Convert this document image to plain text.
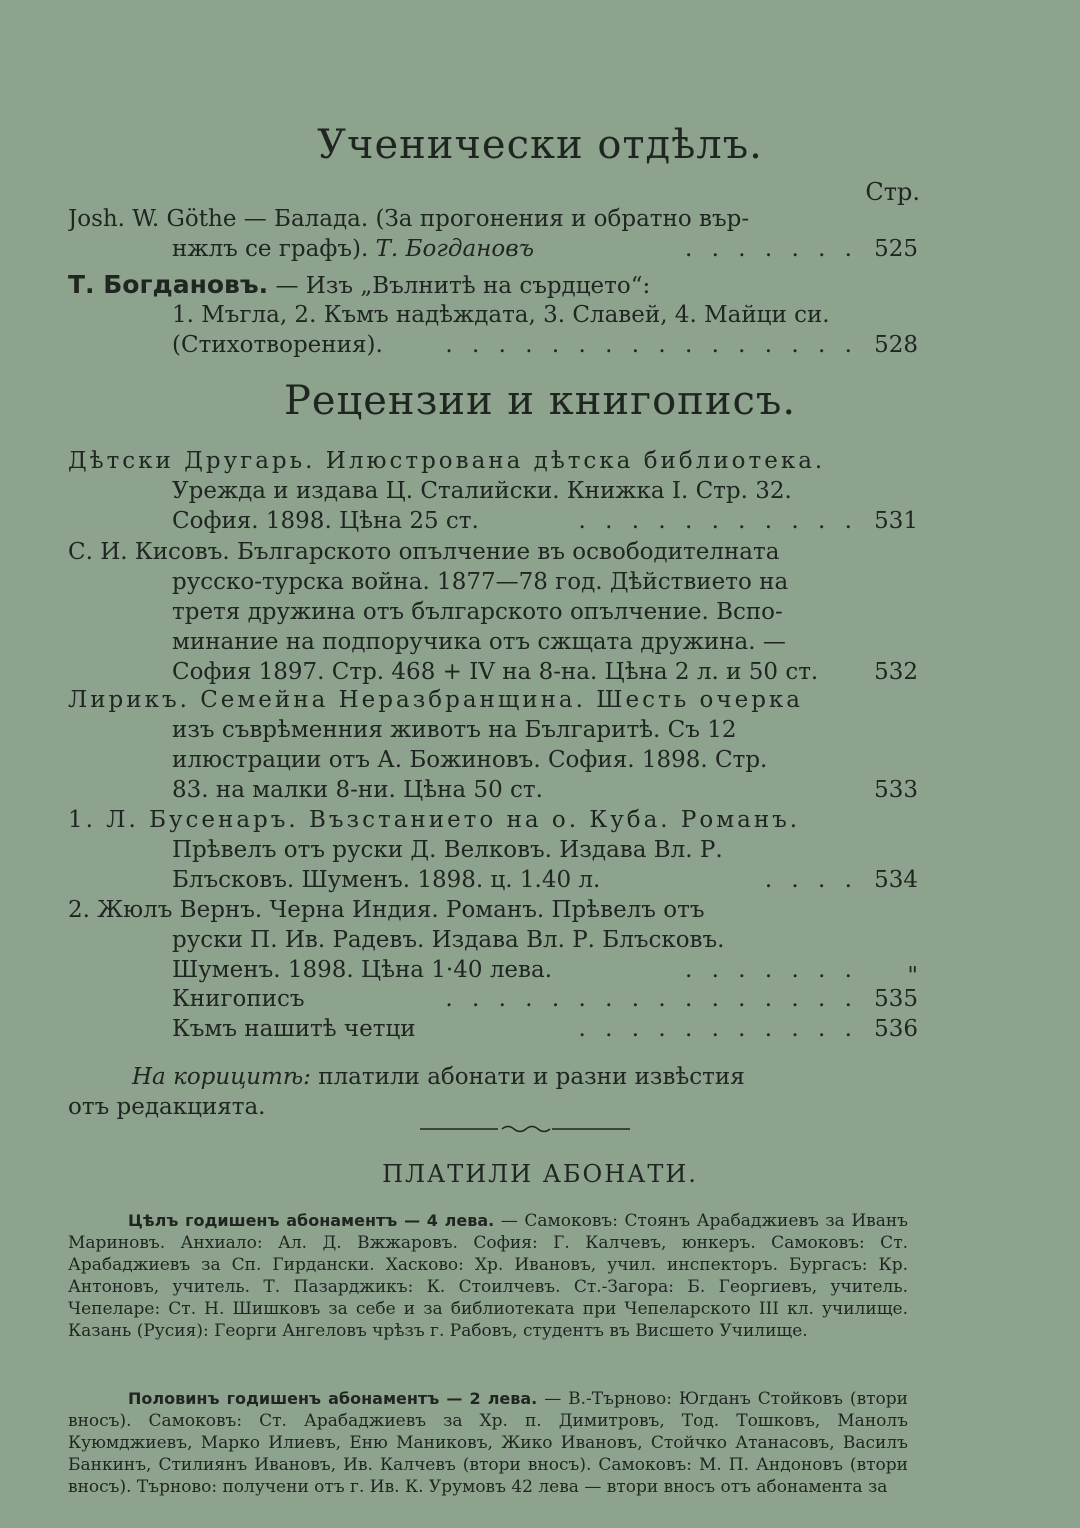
Ученически отдѣлъ.
Стр.
Josh. W. Göthe — Балада. (За прогонения и обратно вър-
нжлъ се графъ). Т. Богдановъ	. . . . . . . 525
Т. Богдановъ. — Изъ „Вълнитѣ на сърдцето“:
1. Мъгла, 2. Къмъ надѣждата, 3. Славей, 4. Майци си.
(Стихотворения).	. . . . . . . . . . . . . . . . 528
Рецензии и книгописъ.
Дѣтски Другарь. Илюстрована дѣтска библиотека.
Урежда и издава Ц. Сталийски. Книжка I. Стр. 32.
София. 1898. Цѣна 25 ст.	. . . . . . . . . . . 531
С. И. Кисовъ. Българското опълчение въ освободителната
русско-турска война. 1877—78 год. Дѣйствието на
третя дружина отъ българското опълчение. Вспо-
минание на подпоручика отъ сжщата дружина. —
София 1897. Стр. 468 + IV на 8-на. Цѣна 2 л. и 50 ст. 532
Лирикъ. Семейна Неразбранщина. Шесть очерка
изъ съврѣменния животъ на Българитѣ. Съ 12
илюстрации отъ А. Божиновъ. София. 1898. Стр.
83. на малки 8-ни. Цѣна 50 ст.	533
1. Л. Бусенаръ. Възстанието на о. Куба. Романъ.
Прѣвелъ отъ руски Д. Велковъ. Издава Вл. Р.
Блъсковъ. Шуменъ. 1898. ц. 1.40 л.	. . . . 534
2. Жюлъ Вернъ. Черна Индия. Романъ. Прѣвелъ отъ
руски П. Ив. Радевъ. Издава Вл. Р. Блъсковъ.
Шуменъ. 1898. Цѣна 1·40 лева.	. . . . . . . "
Книгописъ	. . . . . . . . . . . . . . . . 535
Къмъ нашитѣ четци	. . . . . . . . . . . 536
На корицитѣ: платили абонати и разни извѣстия
отъ редакцията.
ПЛАТИЛИ АБОНАТИ.
Цѣлъ годишенъ абонаментъ — 4 лева. — Самоковъ: Стоянъ Арабаджиевъ за Иванъ Мариновъ. Анхиало: Ал. Д. Вжжаровъ. София: Г. Калчевъ, юнкеръ. Самоковъ: Ст. Арабаджиевъ за Сп. Гирдански. Хасково: Хр. Ивановъ, учил. инспекторъ. Бургасъ: Кр. Антоновъ, учитель. Т. Пазарджикъ: К. Стоилчевъ. Ст.-Загора: Б. Георгиевъ, учитель. Чепеларе: Ст. Н. Шишковъ за себе и за библиотеката при Чепеларското III кл. училище. Казань (Русия): Георги Ангеловъ чрѣзъ г. Рабовъ, студентъ въ Висшето Училище.
Половинъ годишенъ абонаментъ — 2 лева. — В.-Търново: Югданъ Стойковъ (втори вносъ). Самоковъ: Ст. Арабаджиевъ за Хр. п. Димитровъ, Тод. Тошковъ, Манолъ Куюмджиевъ, Марко Илиевъ, Еню Маниковъ, Жико Ивановъ, Стойчко Атанасовъ, Василъ Банкинъ, Стилиянъ Ивановъ, Ив. Калчевъ (втори вносъ). Самоковъ: М. П. Андоновъ (втори вносъ). Търново: получени отъ г. Ив. К. Урумовъ 42 лева — втори вносъ отъ абонамента за
